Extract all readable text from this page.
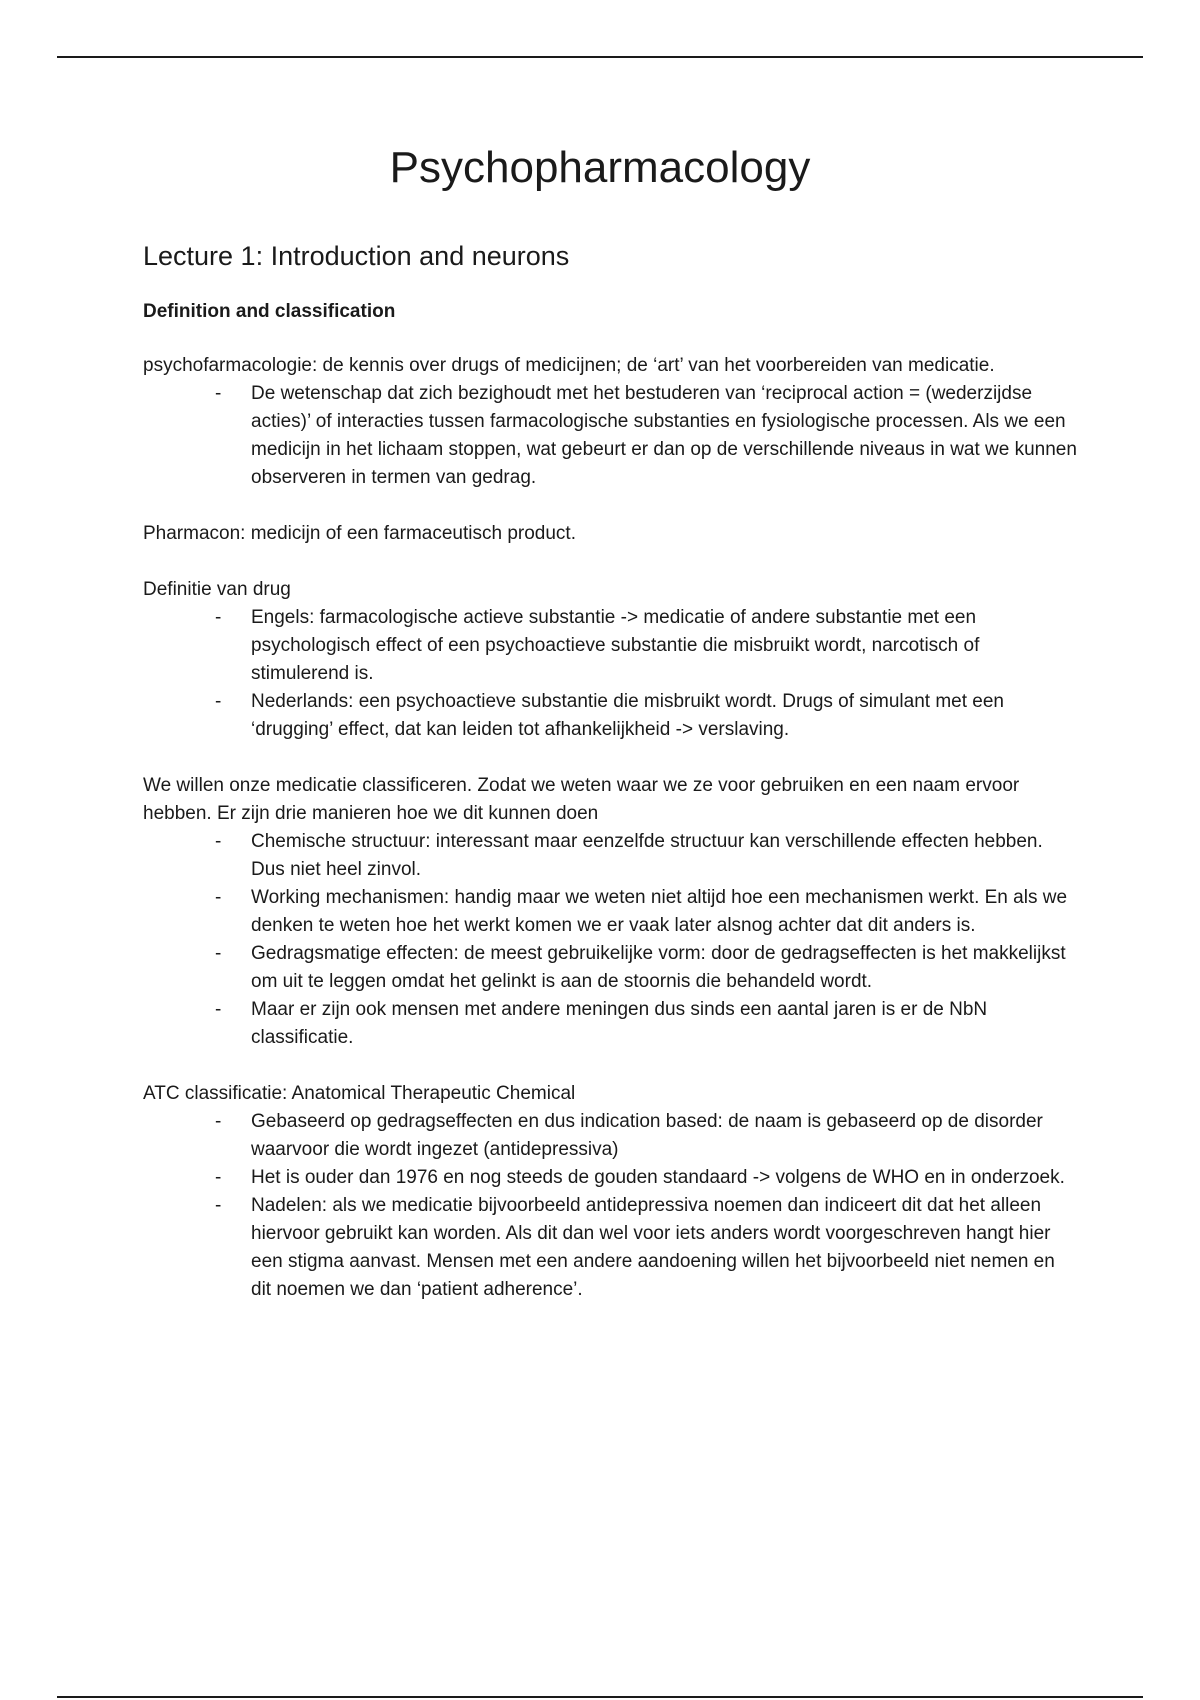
Psychopharmacology
Lecture 1: Introduction and neurons
Definition and classification

psychofarmacologie: de kennis over drugs of medicijnen; de ‘art’ van het voorbereiden van medicatie.

- De wetenschap dat zich bezighoudt met het bestuderen van ‘reciprocal action = (wederzijdse acties)’ of interacties tussen farmacologische substanties en fysiologische processen. Als we een medicijn in het lichaam stoppen, wat gebeurt er dan op de verschillende niveaus in wat we kunnen observeren in termen van gedrag.

Pharmacon: medicijn of een farmaceutisch product.

Definitie van drug

- Engels: farmacologische actieve substantie -> medicatie of andere substantie met een psychologisch effect of een psychoactieve substantie die misbruikt wordt, narcotisch of stimulerend is.
- Nederlands: een psychoactieve substantie die misbruikt wordt. Drugs of simulant met een ‘drugging’ effect, dat kan leiden tot afhankelijkheid -> verslaving.

We willen onze medicatie classificeren. Zodat we weten waar we ze voor gebruiken en een naam ervoor hebben. Er zijn drie manieren hoe we dit kunnen doen

- Chemische structuur: interessant maar eenzelfde structuur kan verschillende effecten hebben. Dus niet heel zinvol.
- Working mechanismen: handig maar we weten niet altijd hoe een mechanismen werkt. En als we denken te weten hoe het werkt komen we er vaak later alsnog achter dat dit anders is.
- Gedragsmatige effecten: de meest gebruikelijke vorm: door de gedragseffecten is het makkelijkst om uit te leggen omdat het gelinkt is aan de stoornis die behandeld wordt.
- Maar er zijn ook mensen met andere meningen dus sinds een aantal jaren is er de NbN classificatie.

ATC classificatie: Anatomical Therapeutic Chemical

- Gebaseerd op gedragseffecten en dus indication based: de naam is gebaseerd op de disorder waarvoor die wordt ingezet (antidepressiva)
- Het is ouder dan 1976 en nog steeds de gouden standaard -> volgens de WHO en in onderzoek.
- Nadelen: als we medicatie bijvoorbeeld antidepressiva noemen dan indiceert dit dat het alleen hiervoor gebruikt kan worden. Als dit dan wel voor iets anders wordt voorgeschreven hangt hier een stigma aanvast. Mensen met een andere aandoening willen het bijvoorbeeld niet nemen en dit noemen we dan ‘patient adherence’.
